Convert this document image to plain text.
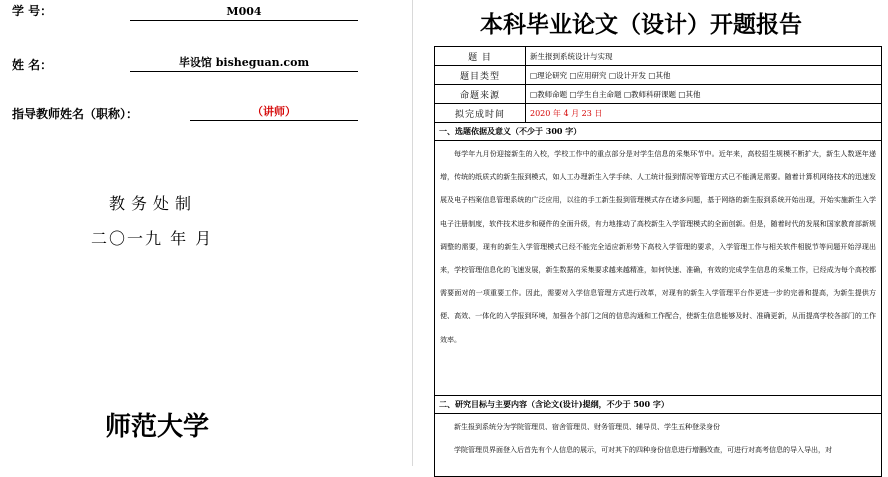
学 号：	M004
姓 名：	毕设馆 bisheguan.com
指导教师姓名（职称）：	（讲师）
教务处制
二〇一九 年 月
师范大学
本科毕业论文（设计）开题报告
题 目	新生报到系统设计与实现
题目类型	□理论研究 □应用研究 □设计开发 □其他
命题来源	□教师命题 □学生自主命题 □教师科研课题 □其他
拟完成时间	2020 年 4 月 23 日
一、选题依据及意义（不少于 300 字）	

每学年九月份迎接新生的入校，学校工作中的重点部分是对学生信息的采集环节中。近年来，高校招生规模不断扩大，新生人数逐年递增，传统的纸质式的新生报到模式，如人工办理新生入学手续、人工统计报到情况等管理方式已不能满足需要。随着计算机网络技术的迅速发展及电子档案信息管理系统的广泛应用，以往的手工新生报到管理模式存在诸多问题，基于网络的新生报到系统开始出现，开始实施新生入学电子注册制度，软件技术进步和硬件的全面升级，有力地推动了高校新生入学管理模式的全面创新。但是，随着时代的发展和国家教育部新规调整的需要，现有的新生入学管理模式已经不能完全适应新形势下高校入学管理的要求，入学管理工作与相关软件相脱节等问题开始浮现出来，学校管理信息化的飞速发展，新生数据的采集要求越来越精准，如何快速、准确，有效的完成学生信息的采集工作，已经成为每个高校都需要面对的一项重要工作。因此，需要对入学信息管理方式进行改革，对现有的新生入学管理平台作更进一步的完善和提高，为新生提供方便、高效、一体化的入学报到环境，加强各个部门之间的信息沟通和工作配合，使新生信息能够及时、准确更新，从而提高学校各部门的工作效率。	

二、研究目标与主要内容（含论文(设计)提纲，不少于 500 字）	

新生报到系统分为学院管理员、宿舍管理员、财务管理员、辅导员、学生五种登录身份

学院管理员界面登入后首先有个人信息的展示，可对其下的四种身份信息进行增删改查，可进行对高考信息的导入导出，对	
